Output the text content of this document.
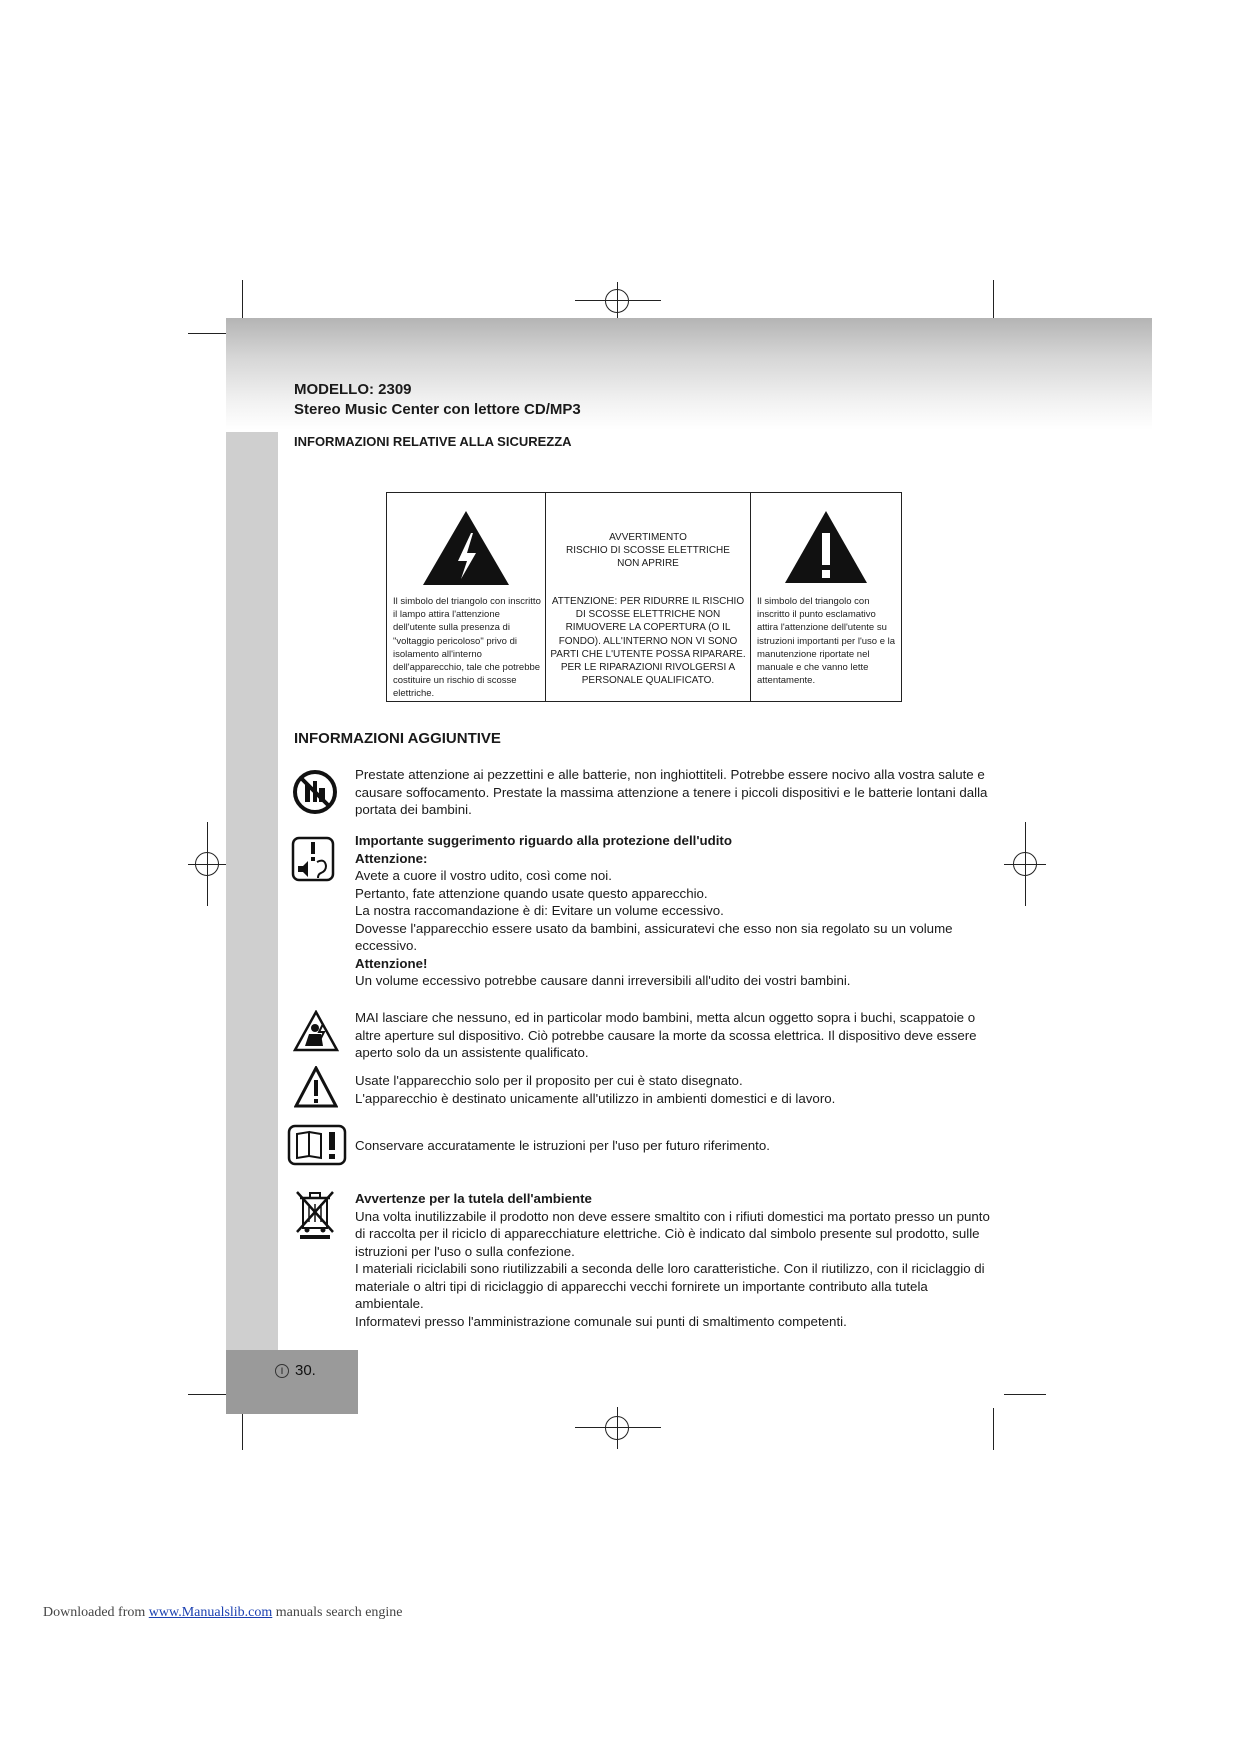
MODELLO: 2309
Stereo Music Center con lettore CD/MP3
INFORMAZIONI RELATIVE ALLA SICUREZZA
Il simbolo del triangolo con inscritto il lampo attira l'attenzione dell'utente sulla presenza di "voltaggio pericoloso" privo di isolamento all'interno dell'apparecchio, tale che potrebbe costituire un rischio di scosse elettriche.
AVVERTIMENTO
RISCHIO DI SCOSSE ELETTRICHE
NON APRIRE
ATTENZIONE: PER RIDURRE IL RISCHIO DI SCOSSE ELETTRICHE NON RIMUOVERE LA COPERTURA (O IL FONDO). ALL'INTERNO NON VI SONO PARTI CHE L'UTENTE POSSA RIPARARE. PER LE RIPARAZIONI RIVOLGERSI A PERSONALE QUALIFICATO.
Il simbolo del triangolo con inscritto il punto esclamativo attira l'attenzione dell'utente su istruzioni importanti per l'uso e la manutenzione riportate nel manuale e che vanno lette attentamente.
INFORMAZIONI AGGIUNTIVE

Prestate attenzione ai pezzettini e alle batterie, non inghiottiteli. Potrebbe essere nocivo alla vostra salute e causare soffocamento. Prestate la massima attenzione a tenere i piccoli dispositivi e le batterie lontani dalla portata dei bambini.

Importante suggerimento riguardo alla protezione dell'udito

Attenzione:

Avete a cuore il vostro udito, così come noi.

Pertanto, fate attenzione quando usate questo apparecchio.

La nostra raccomandazione è di: Evitare un volume eccessivo.

Dovesse l'apparecchio essere usato da bambini, assicuratevi che esso non sia regolato su un volume eccessivo.

Attenzione!

Un volume eccessivo potrebbe causare danni irreversibili all'udito dei vostri bambini.

MAI lasciare che nessuno, ed in particolar modo bambini, metta alcun oggetto sopra i buchi, scappatoie o altre aperture sul dispositivo. Ciò potrebbe causare la morte da scossa elettrica. Il dispositivo deve essere aperto solo da un assistente qualificato.

Usate l'apparecchio solo per il proposito per cui è stato disegnato.

L'apparecchio è destinato unicamente all'utilizzo in ambienti domestici e di lavoro.

Conservare accuratamente le istruzioni per l'uso per futuro riferimento.

Avvertenze per la tutela dell'ambiente

Una volta inutilizzabile il prodotto non deve essere smaltito con i rifiuti domestici ma portato presso un punto di raccolta per il ricicIo di apparecchiature elettriche. Ciò è indicato dal simbolo presente sul prodotto, sulle istruzioni per l'uso o sulla confezione.

I materiali riciclabili sono riutilizzabili a seconda delle loro caratteristiche. Con il riutilizzo, con il riciclaggio di materiale o altri tipi di riciclaggio di apparecchi vecchi fornirete un importante contributo alla tutela ambientale.

Informatevi presso l'amministrazione comunale sui punti di smaltimento competenti.

I 30.
Downloaded from www.Manualslib.com manuals search engine
